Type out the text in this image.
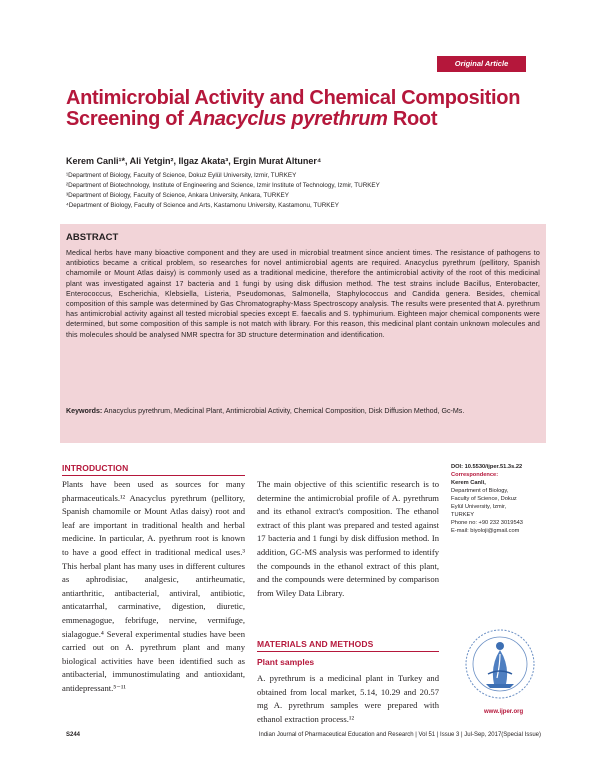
Original Article
Antimicrobial Activity and Chemical Composition
Screening of Anacyclus pyrethrum Root
Kerem Canli¹*, Ali Yetgin², Ilgaz Akata³, Ergin Murat Altuner⁴
¹Department of Biology, Faculty of Science, Dokuz Eylül University, Izmir, TURKEY
²Department of Biotechnology, Institute of Engineering and Science, Izmir Institute of Technology, Izmir, TURKEY
³Department of Biology, Faculty of Science, Ankara University, Ankara, TURKEY
⁴Department of Biology, Faculty of Science and Arts, Kastamonu University, Kastamonu, TURKEY
ABSTRACT
Medical herbs have many bioactive component and they are used in microbial treatment since ancient times. The resistance of pathogens to antibiotics became a critical problem, so researches for novel antimicrobial agents are required. Anacyclus pyrethrum (pellitory, Spanish chamomile or Mount Atlas daisy) is commonly used as a traditional medicine, therefore the antimicrobial activity of the root of this medicinal plant was investigated against 17 bacteria and 1 fungi by using disk diffusion method. The test strains include Bacillus, Enterobacter, Enterococcus, Escherichia, Klebsiella, Listeria, Pseudomonas, Salmonella, Staphylococcus and Candida genera. Besides, chemical composition of this sample was determined by Gas Chromatography-Mass Spectroscopy analysis. The results were presented that A. pyrethrum has antimicrobial activity against all tested microbial species except E. faecalis and S. typhimurium. Eighteen major chemical components were determined, but some composition of this sample is not match with library. For this reason, this medicinal plant contain unknown molecules and this molecules should be analysed NMR spectra for 3D structure determination and identification.
Keywords: Anacyclus pyrethrum, Medicinal Plant, Antimicrobial Activity, Chemical Composition, Disk Diffusion Method, Gc-Ms.
INTRODUCTION
Plants have been used as sources for many pharmaceuticals.¹² Anacyclus pyrethrum (pellitory, Spanish chamomile or Mount Atlas daisy) root and leaf are important in traditional health and herbal medicine. In particular, A. pyethrum root is known to have a good effect in traditional medical uses.³ This herbal plant has many uses in different cultures as aphrodisiac, analgesic, antirheumatic, antiarthritic, antibacterial, antiviral, antibiotic, anticatarrhal, carminative, digestion, diuretic, emmenagogue, febrifuge, nervine, vermifuge, sialagogue.⁴ Several experimental studies have been carried out on A. pyrethrum plant and many biological activities have been identified such as antibacterial, immunostimulating and antioxidant, antidepressant.⁵⁻¹¹
The main objective of this scientific research is to determine the antimicrobial profile of A. pyrethrum and its ethanol extract's composition. The ethanol extract of this plant was prepared and tested against 17 bacteria and 1 fungi by disk diffusion method. In addition, GC-MS analysis was performed to identify the compounds in the ethanol extract of this plant, and the compounds were determined by comparison from Wiley Data Library.
MATERIALS AND METHODS
Plant samples
A. pyrethrum is a medicinal plant in Turkey and obtained from local market, 5.14, 10.29 and 20.57 mg A. pyrethrum samples were prepared with ethanol extraction process.¹²
DOI: 10.5530/ijper.51.3s.22
Correspondence:
Kerem Canli,
Department of Biology,
Faculty of Science, Dokuz
Eylül University, Izmir,
TURKEY
Phone no: +90 232 3019543
E-mail: biyoloji@gmail.com
www.ijper.org
S244	Indian Journal of Pharmaceutical Education and Research | Vol 51 | Issue 3 | Jul-Sep, 2017(Special Issue)
